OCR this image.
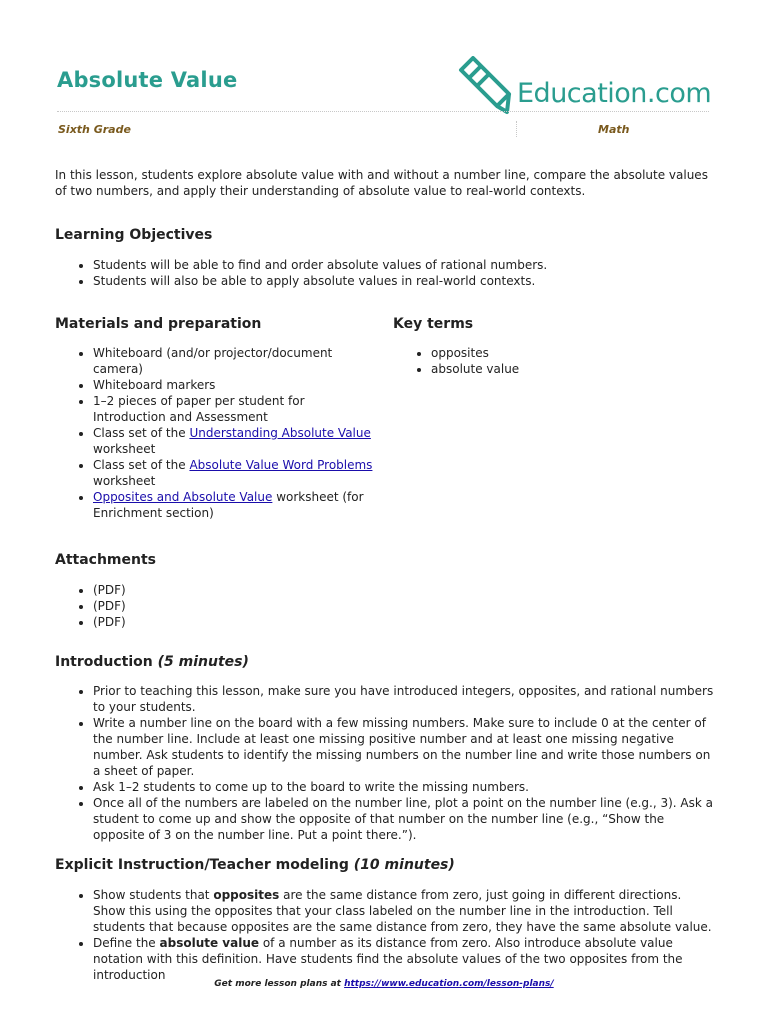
Absolute Value	Education.com
Sixth Grade	Math
In this lesson, students explore absolute value with and without a number line, compare the absolute values of two numbers, and apply their understanding of absolute value to real-world contexts.
Learning Objectives
• Students will be able to find and order absolute values of rational numbers.
• Students will also be able to apply absolute values in real-world contexts.
Materials and preparation
• Whiteboard (and/or projector/document camera)
• Whiteboard markers
• 1–2 pieces of paper per student for Introduction and Assessment
• Class set of the Understanding Absolute Value worksheet
• Class set of the Absolute Value Word Problems worksheet
• Opposites and Absolute Value worksheet (for Enrichment section)
Key terms
• opposites
• absolute value
Attachments
• (PDF)
• (PDF)
• (PDF)
Introduction (5 minutes)
• Prior to teaching this lesson, make sure you have introduced integers, opposites, and rational numbers to your students.
• Write a number line on the board with a few missing numbers. Make sure to include 0 at the center of the number line. Include at least one missing positive number and at least one missing negative number. Ask students to identify the missing numbers on the number line and write those numbers on a sheet of paper.
• Ask 1–2 students to come up to the board to write the missing numbers.
• Once all of the numbers are labeled on the number line, plot a point on the number line (e.g., 3). Ask a student to come up and show the opposite of that number on the number line (e.g., “Show the opposite of 3 on the number line. Put a point there.”).
Explicit Instruction/Teacher modeling (10 minutes)
• Show students that opposites are the same distance from zero, just going in different directions. Show this using the opposites that your class labeled on the number line in the introduction. Tell students that because opposites are the same distance from zero, they have the same absolute value.
• Define the absolute value of a number as its distance from zero. Also introduce absolute value notation with this definition. Have students find the absolute values of the two opposites from the introduction
Get more lesson plans at https://www.education.com/lesson-plans/
